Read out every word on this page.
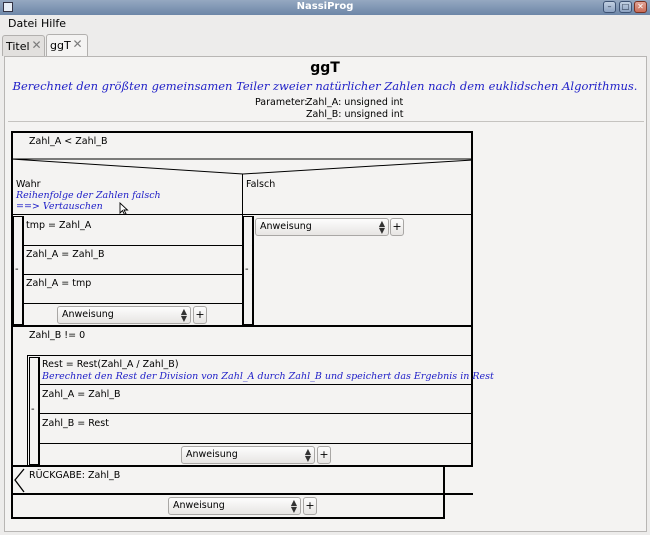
NassiProg	–	□ ✕
Datei Hilfe
Titel ✕ ggT ✕
ggT
Berechnet den größten gemeinsamen Teiler zweier natürlicher Zahlen nach dem euklidschen Algorithmus.
Parameter:
Zahl_A: unsigned int
Zahl_B: unsigned int
Zahl_A < Zahl_B
Wahr	Falsch
Reihenfolge der Zahlen falsch
==> Vertauschen
-
tmp = Zahl_A
Zahl_A = Zahl_B
Zahl_A = tmp
Anweisung	▲
▼ +
-
Anweisung	▲
▼ +
Zahl_B != 0
-
Rest = Rest(Zahl_A / Zahl_B)
Berechnet den Rest der Division von Zahl_A durch Zahl_B und speichert das Ergebnis in Rest
Zahl_A = Zahl_B
Zahl_B = Rest
Anweisung	▲
▼ +
RÜCKGABE: Zahl_B
Anweisung	▲
▼ +
